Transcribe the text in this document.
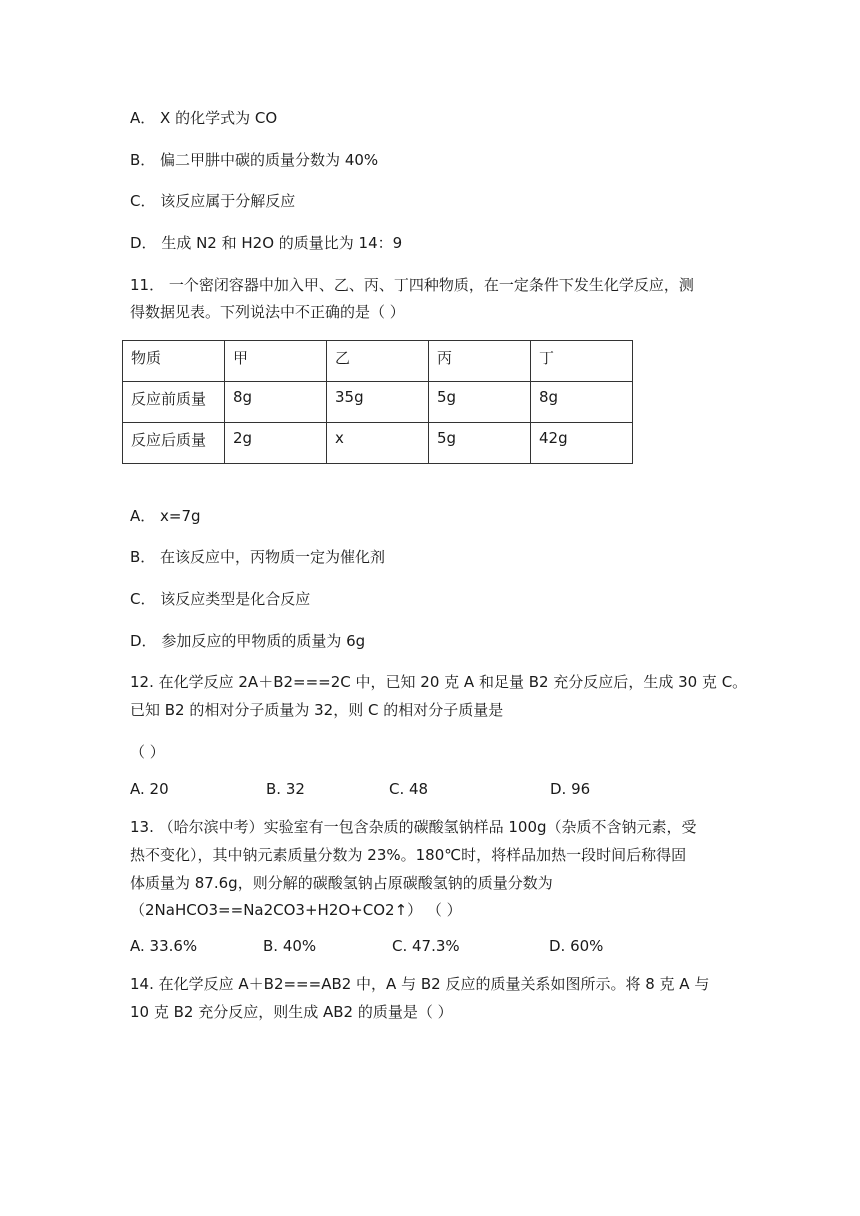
A． X 的化学式为 CO
B． 偏二甲肼中碳的质量分数为 40%
C． 该反应属于分解反应
D． 生成 N2 和 H2O 的质量比为 14：9
11． 一个密闭容器中加入甲、乙、丙、丁四种物质，在一定条件下发生化学反应，测
得数据见表。下列说法中不正确的是（ ）
物质	甲	乙	丙	丁
反应前质量	8g	35g	5g	8g
反应后质量	2g	x	5g	42g
A． x=7g
B． 在该反应中，丙物质一定为催化剂
C． 该反应类型是化合反应
D． 参加反应的甲物质的质量为 6g
12. 在化学反应 2A＋B2===2C 中，已知 20 克 A 和足量 B2 充分反应后，生成 30 克 C。
已知 B2 的相对分子质量为 32，则 C 的相对分子质量是
（ ）
A. 20	B. 32	C. 48	D. 96
13. （哈尔滨中考）实验室有一包含杂质的碳酸氢钠样品 100g（杂质不含钠元素，受
热不变化），其中钠元素质量分数为 23%。180℃时，将样品加热一段时间后称得固
体质量为 87.6g，则分解的碳酸氢钠占原碳酸氢钠的质量分数为
（2NaHCO3==Na2CO3+H2O+CO2↑） （ ）
A. 33.6%	B. 40%	C. 47.3%	D. 60%
14. 在化学反应 A＋B2===AB2 中，A 与 B2 反应的质量关系如图所示。将 8 克 A 与
10 克 B2 充分反应，则生成 AB2 的质量是（ ）
